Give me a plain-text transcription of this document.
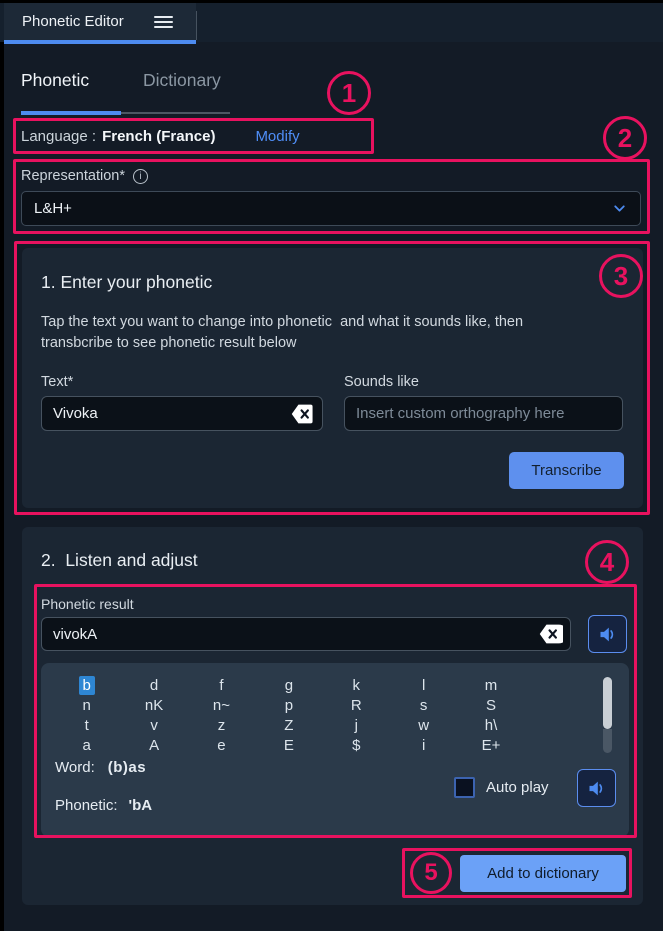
Phonetic Editor
Phonetic	Dictionary
Language : French (France)	Modify
Representation*	i
L&H+
1. Enter your phonetic
Tap the text you want to change into phonetic  and what it sounds like, then transbcribe to see phonetic result below
Text*	Sounds like
Vivoka
Insert custom orthography here
Transcribe
2.  Listen and adjust
Phonetic result
vivokA
b	d	f	g	k	l	m
n	nK	n~	p	R	s	S
t	v	z	Z	j	w	h\
a	A	e	E	$	i	E+
Word: (b)as
Auto play
Phonetic: 'bA
Add to dictionary
1
2
3
4
5
